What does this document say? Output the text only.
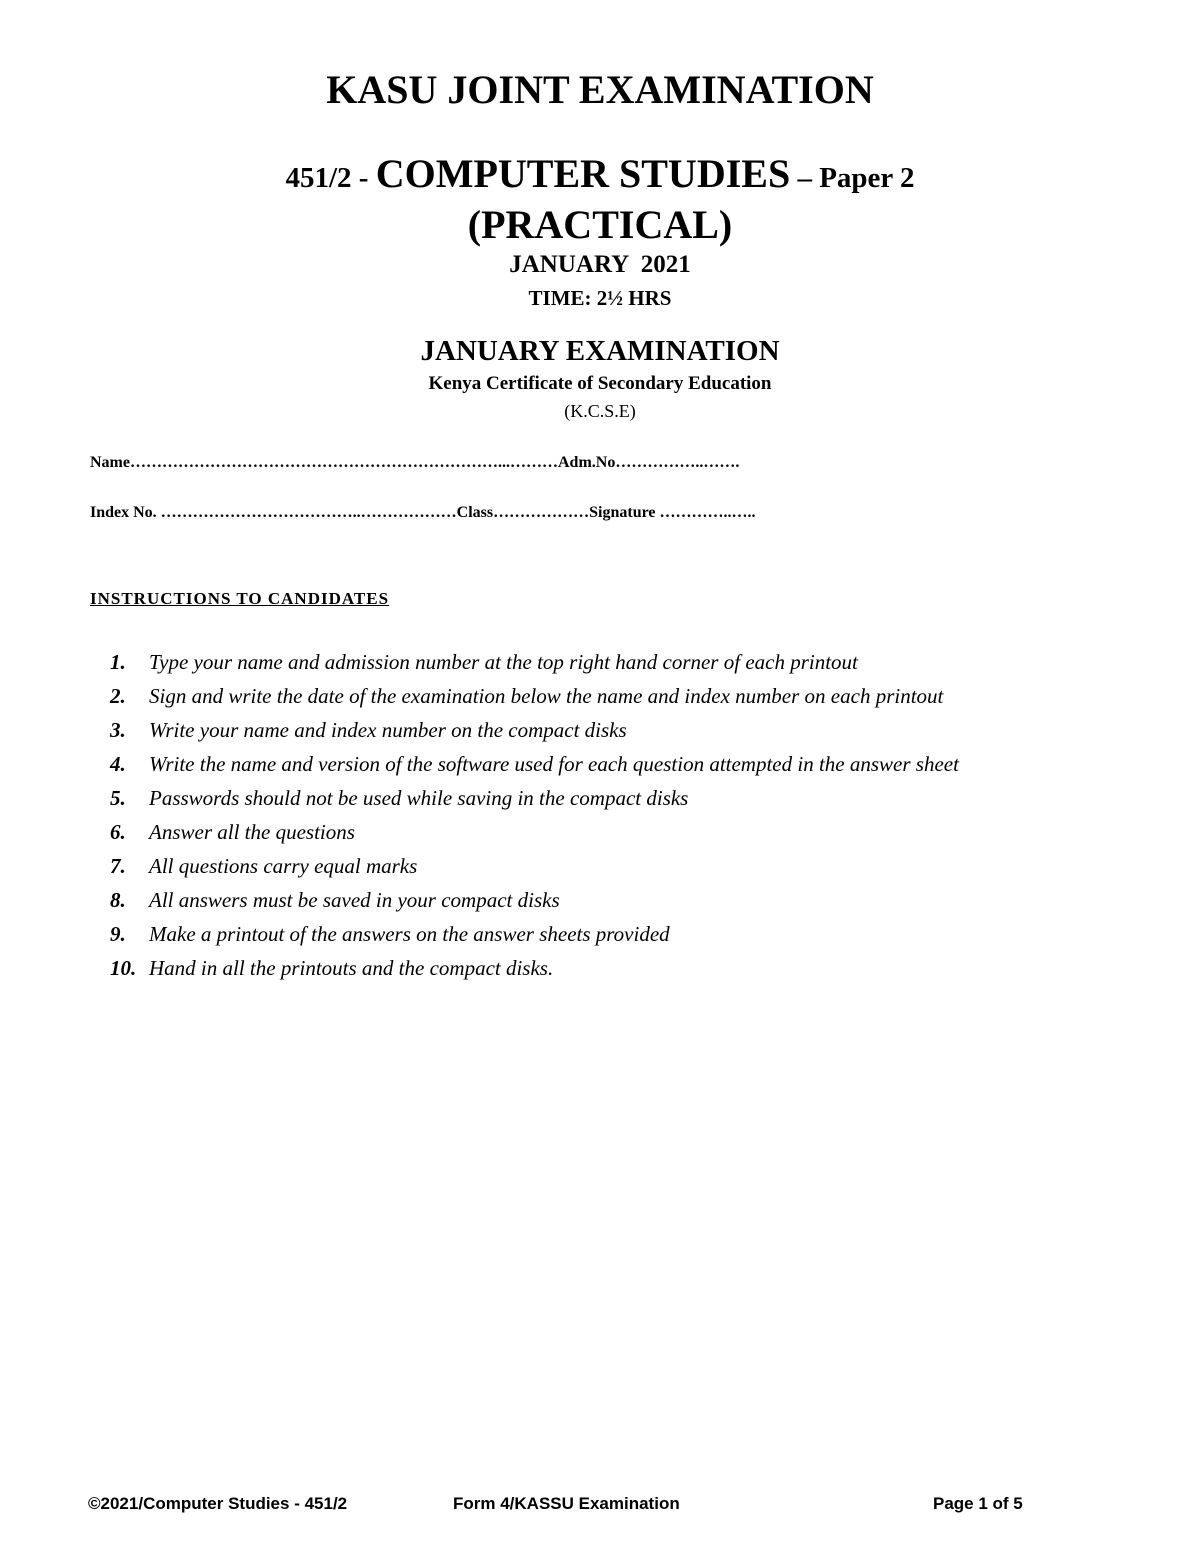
KASU JOINT EXAMINATION
451/2 - COMPUTER STUDIES – Paper 2
(PRACTICAL)
JANUARY  2021
TIME: 2½ HRS
JANUARY EXAMINATION
Kenya Certificate of Secondary Education
(K.C.S.E)
Name……………………………………………………………...………Adm.No……………..…….
Index No. ………………………………..………………Class………………Signature …………..…..
INSTRUCTIONS TO CANDIDATES
1. Type your name and admission number at the top right hand corner of each printout
2. Sign and write the date of the examination below the name and index number on each printout
3. Write your name and index number on the compact disks
4. Write the name and version of the software used for each question attempted in the answer sheet
5. Passwords should not be used while saving in the compact disks
6. Answer all the questions
7. All questions carry equal marks
8. All answers must be saved in your compact disks
9. Make a printout of the answers on the answer sheets provided
10. Hand in all the printouts and the compact disks.
©2021/Computer Studies - 451/2	Form 4/KASSU Examination	Page 1 of 5
